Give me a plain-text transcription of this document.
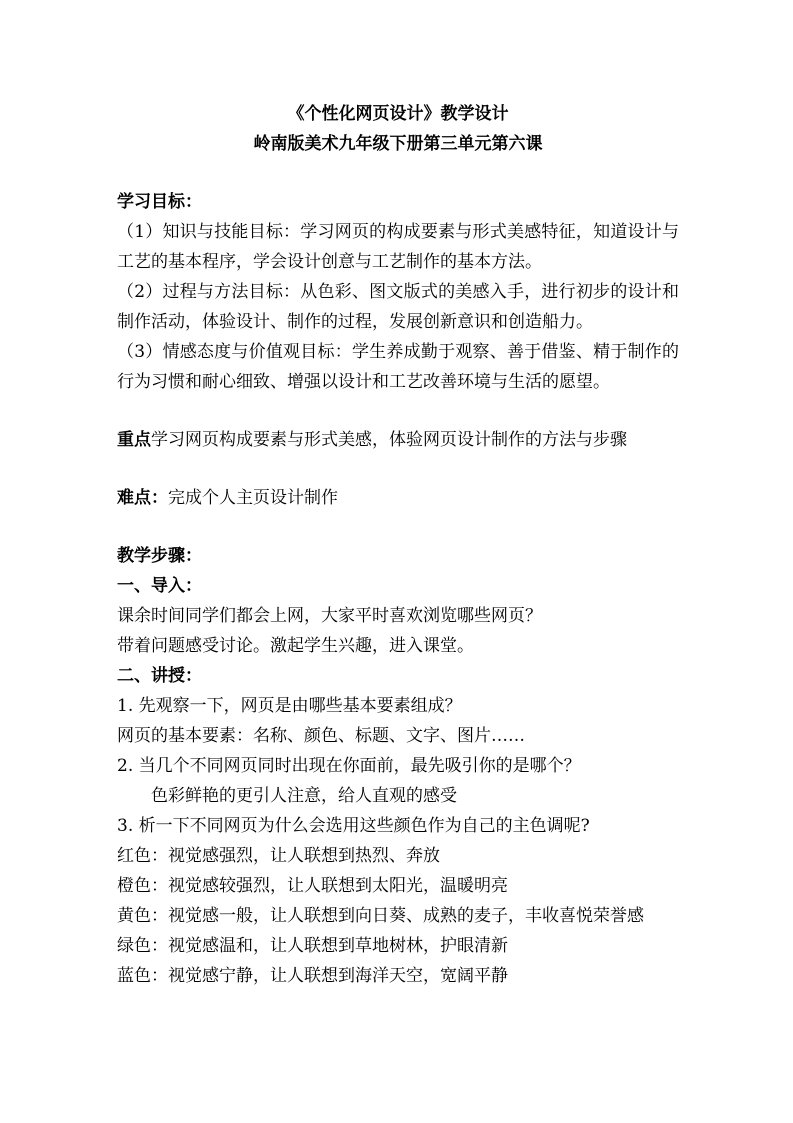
《个性化网页设计》教学设计

岭南版美术九年级下册第三单元第六课

学习目标：

（1）知识与技能目标：学习网页的构成要素与形式美感特征，知道设计与工艺的基本程序，学会设计创意与工艺制作的基本方法。

（2）过程与方法目标：从色彩、图文版式的美感入手，进行初步的设计和制作活动，体验设计、制作的过程，发展创新意识和创造船力。

（3）情感态度与价值观目标：学生养成勤于观察、善于借鉴、精于制作的行为习惯和耐心细致、增强以设计和工艺改善环境与生活的愿望。

重点学习网页构成要素与形式美感，体验网页设计制作的方法与步骤

难点：完成个人主页设计制作

教学步骤：

一、导入：

课余时间同学们都会上网，大家平时喜欢浏览哪些网页？

带着问题感受讨论。激起学生兴趣，进入课堂。

二、讲授：

1. 先观察一下，网页是由哪些基本要素组成？

网页的基本要素：名称、颜色、标题、文字、图片……

2. 当几个不同网页同时出现在你面前，最先吸引你的是哪个？

色彩鲜艳的更引人注意，给人直观的感受

3. 析一下不同网页为什么会选用这些颜色作为自己的主色调呢?

红色：视觉感强烈，让人联想到热烈、奔放

橙色：视觉感较强烈，让人联想到太阳光，温暖明亮

黄色：视觉感一般，让人联想到向日葵、成熟的麦子，丰收喜悦荣誉感

绿色：视觉感温和，让人联想到草地树林，护眼清新

蓝色：视觉感宁静，让人联想到海洋天空，宽阔平静
